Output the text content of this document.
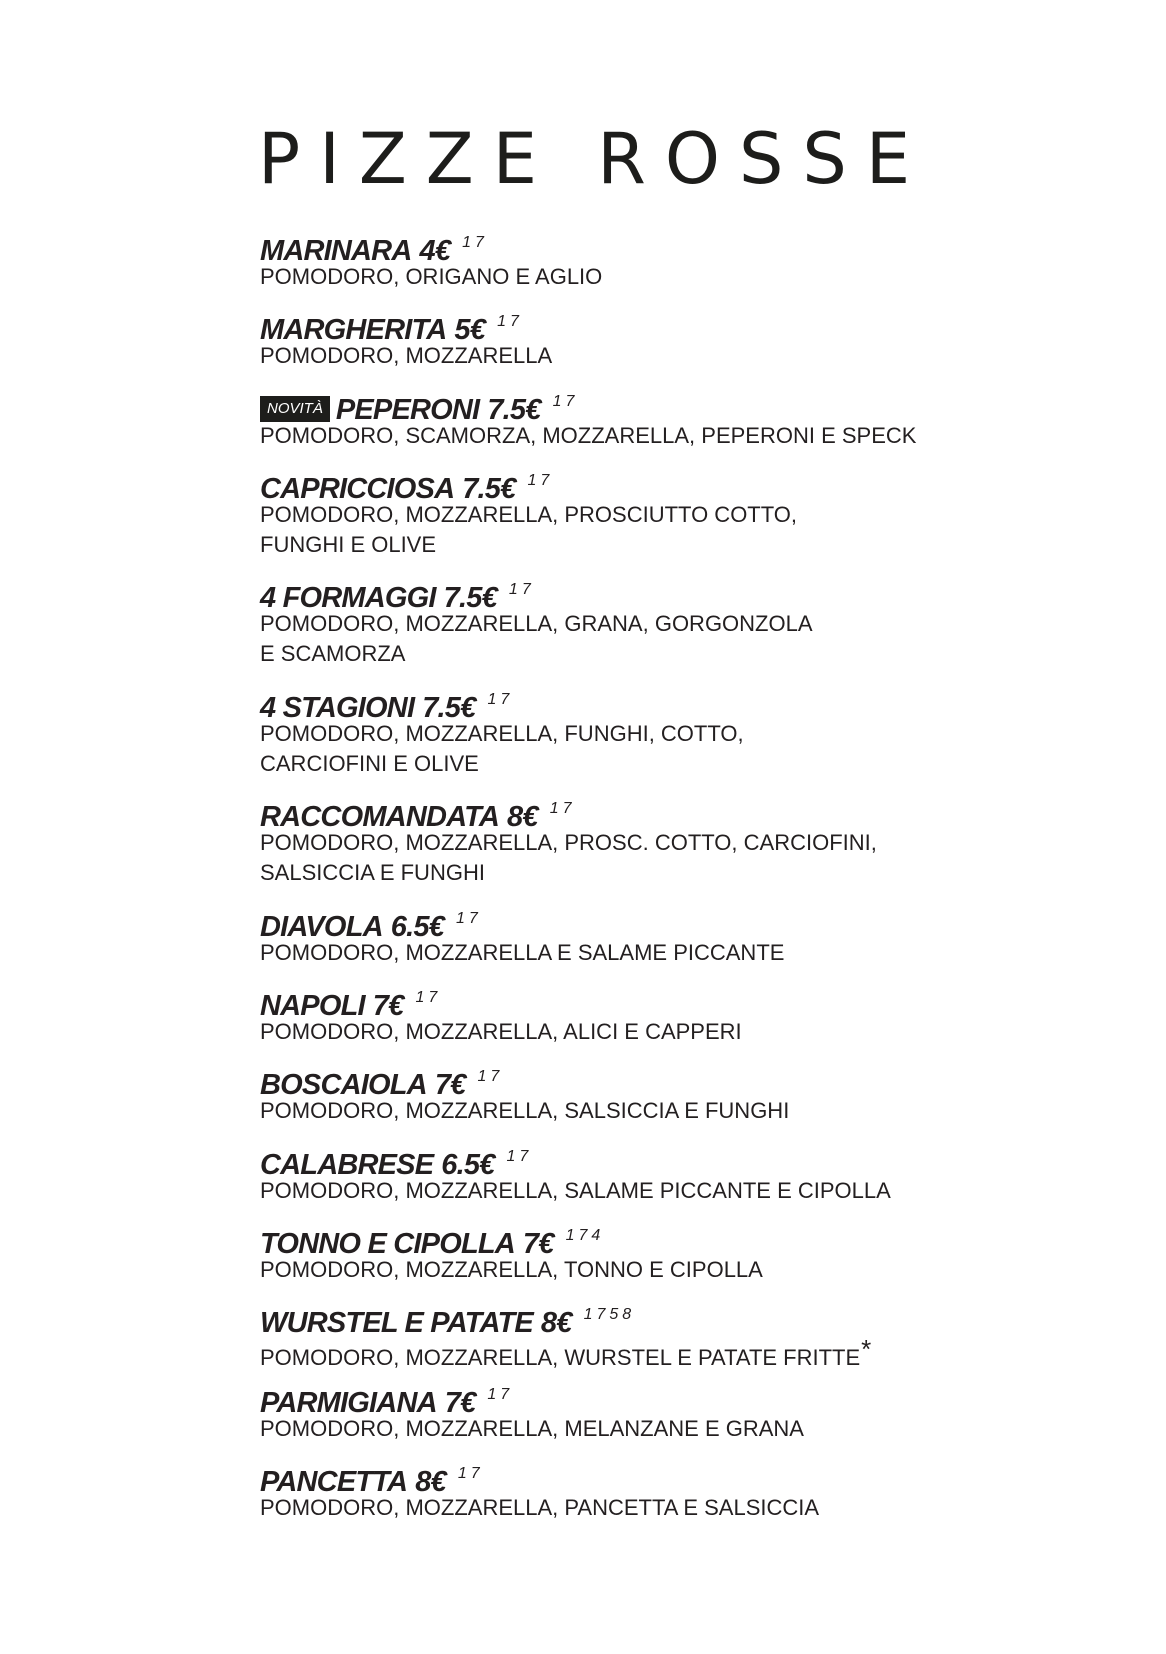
PIZZE ROSSE
MARINARA 4€ 17

POMODORO, ORIGANO E AGLIO

MARGHERITA 5€ 17

POMODORO, MOZZARELLA

NOVITÀ PEPERONI 7.5€ 17

POMODORO, SCAMORZA, MOZZARELLA, PEPERONI E SPECK

CAPRICCIOSA 7.5€ 17

POMODORO, MOZZARELLA, PROSCIUTTO COTTO,

FUNGHI E OLIVE

4 FORMAGGI 7.5€ 17

POMODORO, MOZZARELLA, GRANA, GORGONZOLA

E SCAMORZA

4 STAGIONI 7.5€ 17

POMODORO, MOZZARELLA, FUNGHI, COTTO,

CARCIOFINI E OLIVE

RACCOMANDATA 8€ 17

POMODORO, MOZZARELLA, PROSC. COTTO, CARCIOFINI,

SALSICCIA E FUNGHI

DIAVOLA 6.5€ 17

POMODORO, MOZZARELLA E SALAME PICCANTE

NAPOLI 7€ 17

POMODORO, MOZZARELLA, ALICI E CAPPERI

BOSCAIOLA 7€ 17

POMODORO, MOZZARELLA, SALSICCIA E FUNGHI

CALABRESE 6.5€ 17

POMODORO, MOZZARELLA, SALAME PICCANTE E CIPOLLA

TONNO E CIPOLLA 7€ 174

POMODORO, MOZZARELLA, TONNO E CIPOLLA

WURSTEL E PATATE 8€ 1758

POMODORO, MOZZARELLA, WURSTEL E PATATE FRITTE*

PARMIGIANA 7€ 17

POMODORO, MOZZARELLA, MELANZANE E GRANA

PANCETTA 8€ 17

POMODORO, MOZZARELLA, PANCETTA E SALSICCIA
